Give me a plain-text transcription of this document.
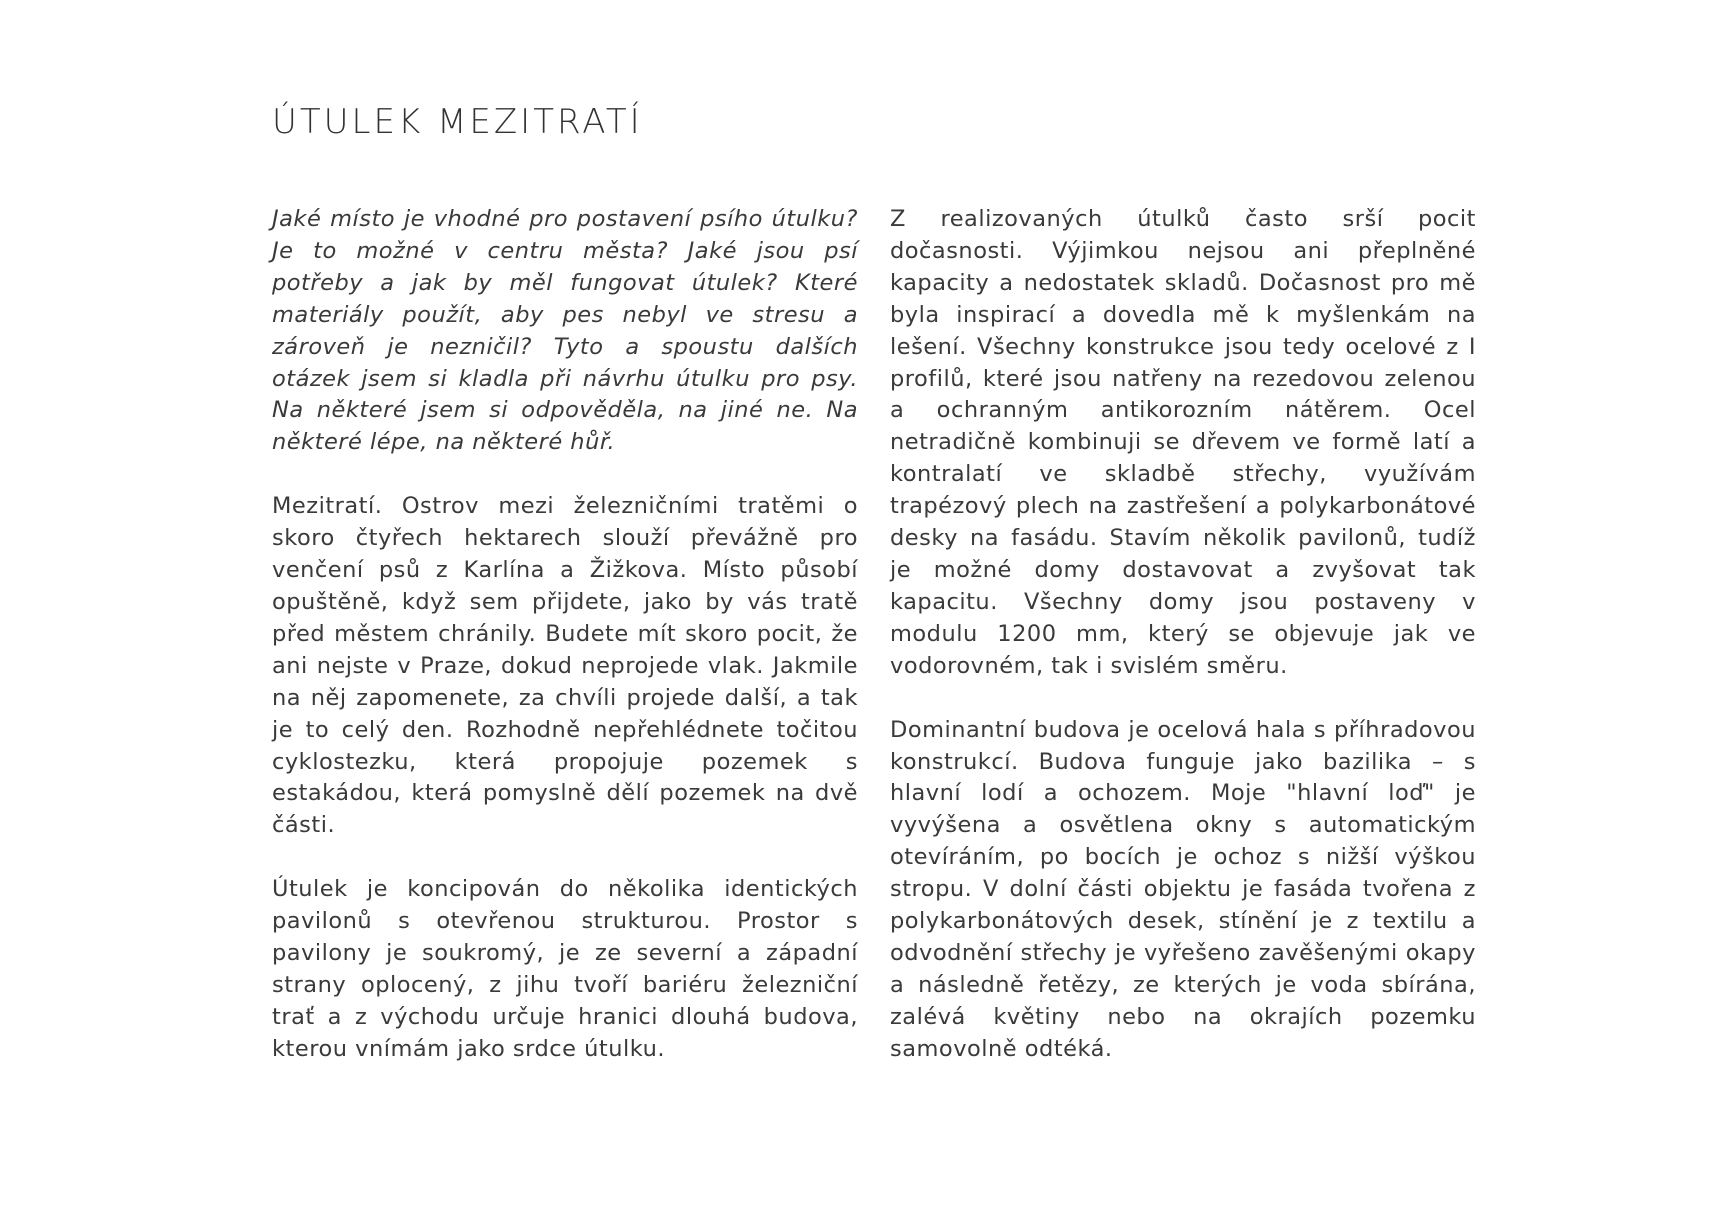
ÚTULEK MEZITRATÍ

Jaké místo je vhodné pro postavení psího útulku? Je to možné v centru města? Jaké jsou psí potřeby a jak by měl fungovat útulek? Které materiály použít, aby pes nebyl ve stresu a zároveň je nezničil? Tyto a spoustu dalších otázek jsem si kladla při návrhu útulku pro psy. Na některé jsem si odpověděla, na jiné ne. Na některé lépe, na některé hůř.

Mezitratí. Ostrov mezi železničními tratěmi o skoro čtyřech hektarech slouží převážně pro venčení psů z Karlína a Žižkova. Místo působí opuštěně, když sem přijdete, jako by vás tratě před městem chránily. Budete mít skoro pocit, že ani nejste v Praze, dokud neprojede vlak. Jakmile na něj zapomenete, za chvíli projede další, a tak je to celý den. Rozhodně nepřehlédnete točitou cyklostezku, která propojuje pozemek s estakádou, která pomyslně dělí pozemek na dvě části.

Útulek je koncipován do několika identických pavilonů s otevřenou strukturou. Prostor s pavilony je soukromý, je ze severní a západní strany oplocený, z jihu tvoří bariéru železniční trať a z východu určuje hranici dlouhá budova, kterou vnímám jako srdce útulku.

Z realizovaných útulků často srší pocit dočasnosti. Výjimkou nejsou ani přeplněné kapacity a nedostatek skladů. Dočasnost pro mě byla inspirací a dovedla mě k myšlenkám na lešení. Všechny konstrukce jsou tedy ocelové z I profilů, které jsou natřeny na rezedovou zelenou a ochranným antikorozním nátěrem. Ocel netradičně kombinuji se dřevem ve formě latí a kontralatí ve skladbě střechy, využívám trapézový plech na zastřešení a polykarbonátové desky na fasádu. Stavím několik pavilonů, tudíž je možné domy dostavovat a zvyšovat tak kapacitu. Všechny domy jsou postaveny v modulu 1200 mm, který se objevuje jak ve vodorovném, tak i svislém směru.

Dominantní budova je ocelová hala s příhradovou konstrukcí. Budova funguje jako bazilika – s hlavní lodí a ochozem. Moje "hlavní loď" je vyvýšena a osvětlena okny s automatickým otevíráním, po bocích je ochoz s nižší výškou stropu. V dolní části objektu je fasáda tvořena z polykarbonátových desek, stínění je z textilu a odvodnění střechy je vyřešeno zavěšenými okapy a následně řetězy, ze kterých je voda sbírána, zalévá květiny nebo na okrajích pozemku samovolně odtéká.
